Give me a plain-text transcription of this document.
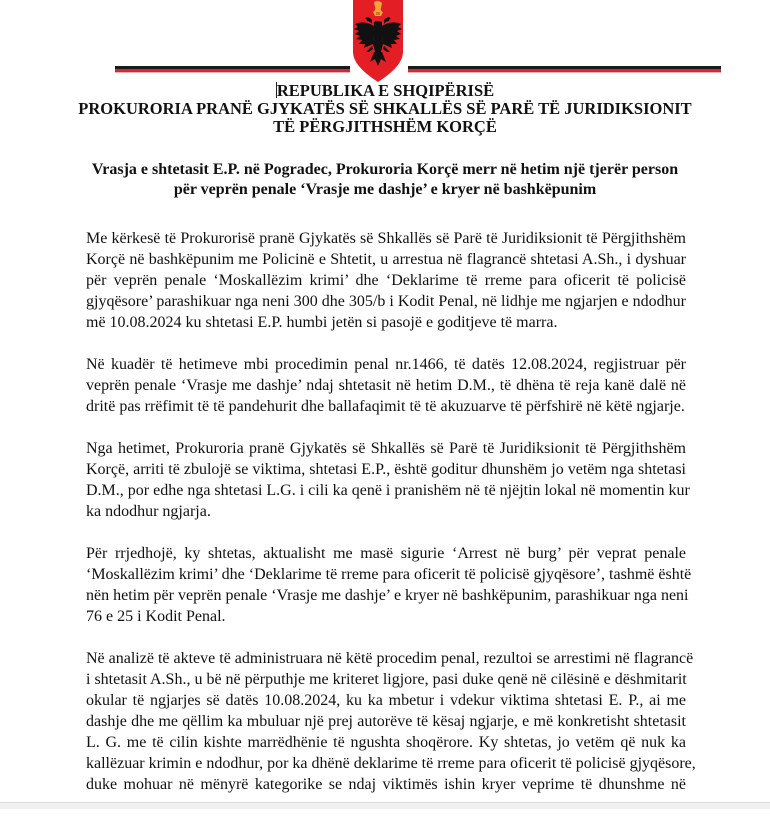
REPUBLIKA E SHQIPËRISË
PROKURORIA PRANË GJYKATËS SË SHKALLËS SË PARË TË JURIDIKSIONIT
TË PËRGJITHSHËM KORÇË
Vrasja e shtetasit E.P. në Pogradec, Prokuroria Korçë merr në hetim një tjerër person
për veprën penale ‘Vrasje me dashje’ e kryer në bashkëpunim

Me kërkesë të Prokurorisë pranë Gjykatës së Shkallës së Parë të Juridiksionit të Përgjithshëm
Korçë në bashkëpunim me Policinë e Shtetit, u arrestua në flagrancë shtetasi A.Sh., i dyshuar
për veprën penale ‘Moskallëzim krimi’ dhe ‘Deklarime të rreme para oficerit të policisë
gjyqësore’ parashikuar nga neni 300 dhe 305/b i Kodit Penal, në lidhje me ngjarjen e ndodhur
më 10.08.2024 ku shtetasi E.P. humbi jetën si pasojë e goditjeve të marra.

Në kuadër të hetimeve mbi procedimin penal nr.1466, të datës 12.08.2024, regjistruar për
veprën penale ‘Vrasje me dashje’ ndaj shtetasit në hetim D.M., të dhëna të reja kanë dalë në
dritë pas rrëfimit të të pandehurit dhe ballafaqimit të të akuzuarve të përfshirë në këtë ngjarje.

Nga hetimet, Prokuroria pranë Gjykatës së Shkallës së Parë të Juridiksionit të Përgjithshëm
Korçë, arriti të zbulojë se viktima, shtetasi E.P., është goditur dhunshëm jo vetëm nga shtetasi
D.M., por edhe nga shtetasi L.G. i cili ka qenë i pranishëm në të njëjtin lokal në momentin kur
ka ndodhur ngjarja.

Për rrjedhojë, ky shtetas, aktualisht me masë sigurie ‘Arrest në burg’ për veprat penale
‘Moskallëzim krimi’ dhe ‘Deklarime të rreme para oficerit të policisë gjyqësore’, tashmë është
nën hetim për veprën penale ‘Vrasje me dashje’ e kryer në bashkëpunim, parashikuar nga neni
76 e 25 i Kodit Penal.

Në analizë të akteve të administruara në këtë procedim penal, rezultoi se arrestimi në flagrancë
i shtetasit A.Sh., u bë në përputhje me kriteret ligjore, pasi duke qenë në cilësinë e dëshmitarit
okular të ngjarjes së datës 10.08.2024, ku ka mbetur i vdekur viktima shtetasi E. P., ai me
dashje dhe me qëllim ka mbuluar një prej autorëve të kësaj ngjarje, e më konkretisht shtetasit
L. G. me të cilin kishte marrëdhënie të ngushta shoqërore. Ky shtetas, jo vetëm që nuk ka
kallëzuar krimin e ndodhur, por ka dhënë deklarime të rreme para oficerit të policisë gjyqësore,
duke mohuar në mënyrë kategorike se ndaj viktimës ishin kryer veprime të dhunshme në
